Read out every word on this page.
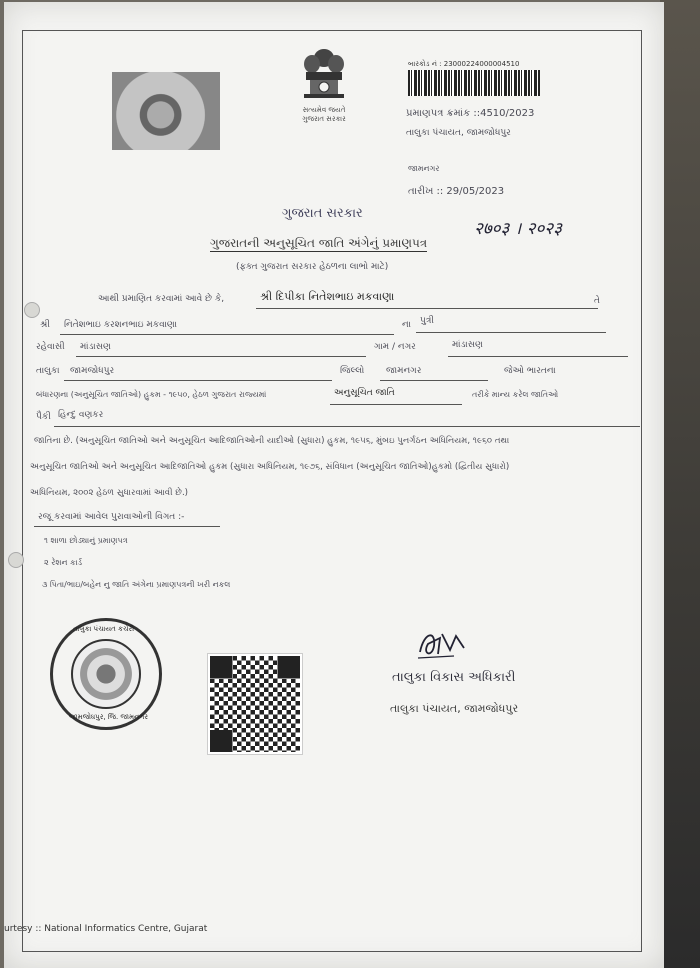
સત્યમેવ જયતે
ગુજરાત સરકાર
બારકોડ નં : 23000224000004510
પ્રમાણપત્ર ક્રમાંક ::4510/2023
તાલુકા પંચાયત, જામજોધપુર
જામનગર
તારીખ :: 29/05/2023
२७०३ । २०२३
ગુજરાત સરકાર
ગુજરાતની અનુસૂચિત જાતિ અંગેનું પ્રમાણપત્ર
(ફક્ત ગુજરાત સરકાર હેઠળના લાભો માટે)
આથી પ્રમાણિત કરવામાં આવે છે કે,	શ્રી દિપીકા નિતેશભાઇ મકવાણા	તે
શ્રી નિતેશભાઇ કરશનભાઇ મકવાણા	ના પુત્રી
રહેવાસી માંડાસણ	ગામ / નગર	માંડાસણ
તાલુકા જામજોધપુર	જિલ્લો જામનગર	જેઓ ભારતના
બંધારણના (અનુસૂચિત જાતિઓ) હુકમ - ૧૯૫૦, હેઠળ ગુજરાત રાજ્યમાં	અનુસૂચિત જાતિ	તરીકે માન્ય કરેલ જાતિઓ
પૈકી હિન્દુ વણકર
જાતિના છે. (અનુસૂચિત જાતિઓ અને અનુસૂચિત આદિજાતિઓની યાદીઓ (સુધારા) હુકમ, ૧૯૫૬, મુંબઇ પુનર્ગઠન અધિનિયમ, ૧૯૬૦ તથા
અનુસૂચિત જાતિઓ અને અનુસૂચિત આદિજાતિઓ હુકમ (સુધારા અધિનિયમ, ૧૯૭૬, સંવિધાન (અનુસૂચિત જાતિઓ)હુકમો (દ્વિતીય સુધારો)
અધિનિયમ, ૨૦૦૨ હેઠળ સુધારવામાં આવી છે.)
રજૂ કરવામાં આવેલ પુરાવાઓની વિગત :-
૧ શાળા છોડ્યાનું પ્રમાણપત્ર
૨ રેશન કાર્ડ
૩ પિતા/ભાઇ/બહેન નુ જાતિ અંગેના પ્રમાણપત્રની ખરી નકલ
તાલુકા પંચાયત કચેરી
જામજોધપુર, જિ. જામનગર
તાલુકા વિકાસ અધિકારી
તાલુકા પંચાયત, જામજોધપુર
urtesy :: National Informatics Centre, Gujarat
